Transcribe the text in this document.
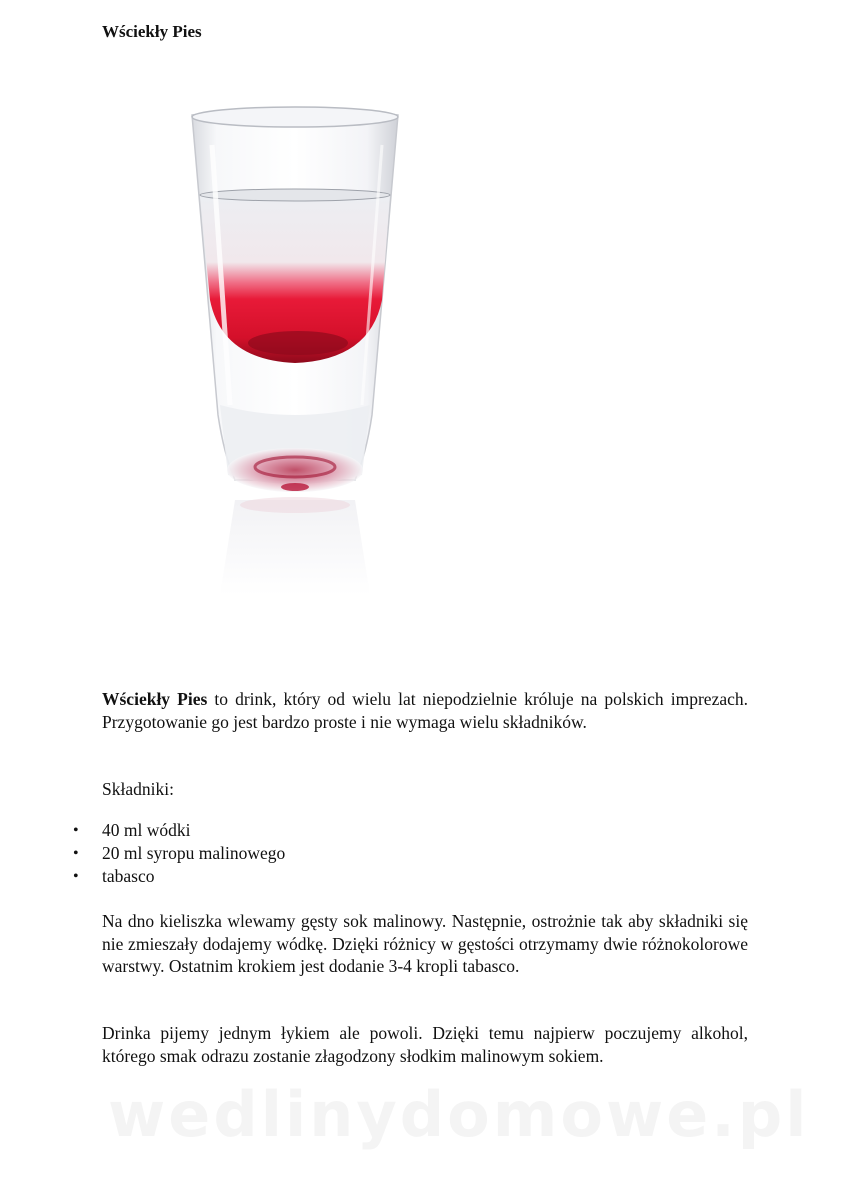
Wściekły Pies
Wściekły Pies to drink, który od wielu lat niepodzielnie króluje na polskich imprezach. Przygotowanie go jest bardzo proste i nie wymaga wielu składników.
Składniki:
• 40 ml wódki
• 20 ml syropu malinowego
• tabasco
Na dno kieliszka wlewamy gęsty sok malinowy. Następnie, ostrożnie tak aby składniki się nie zmieszały dodajemy wódkę. Dzięki różnicy w gęstości otrzymamy dwie różnokolorowe warstwy. Ostatnim krokiem jest dodanie 3-4 kropli tabasco.
Drinka pijemy jednym łykiem ale powoli. Dzięki temu najpierw poczujemy alkohol, którego smak odrazu zostanie złagodzony słodkim malinowym sokiem.
wedlinydomowe.pl
